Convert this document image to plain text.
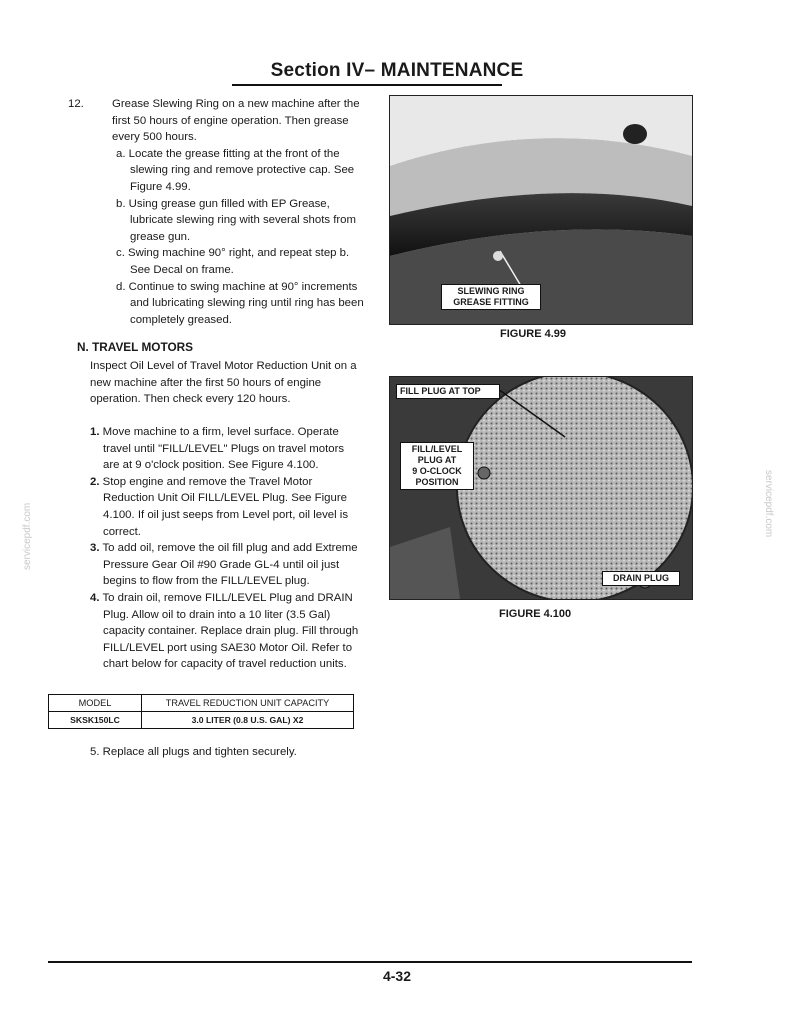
Section IV– MAINTENANCE
12. Grease Slewing Ring on a new machine after the first 50 hours of engine operation. Then grease every 500 hours.
a. Locate the grease fitting at the front of the slewing ring and remove protective cap. See Figure 4.99.
b. Using grease gun filled with EP Grease, lubricate slewing ring with several shots from grease gun.
c. Swing machine 90° right, and repeat step b. See Decal on frame.
d. Continue to swing machine at 90° increments and lubricating slewing ring until ring has been completely greased.
N. TRAVEL MOTORS
Inspect Oil Level of Travel Motor Reduction Unit on a new machine after the first 50 hours of engine operation. Then check every 120 hours.

1. Move machine to a firm, level surface. Operate travel until "FILL/LEVEL" Plugs on travel motors are at 9 o'clock position. See Figure 4.100.

2. Stop engine and remove the Travel Motor Reduction Unit Oil FILL/LEVEL Plug. See Figure 4.100. If oil just seeps from Level port, oil level is correct.

3. To add oil, remove the oil fill plug and add Extreme Pressure Gear Oil #90 Grade GL-4 until oil just begins to flow from the FILL/LEVEL plug.

4. To drain oil, remove FILL/LEVEL Plug and DRAIN Plug. Allow oil to drain into a 10 liter (3.5 Gal) capacity container. Replace drain plug. Fill through FILL/LEVEL port using SAE30 Motor Oil. Refer to chart below for capacity of travel reduction units.

MODEL	TRAVEL REDUCTION UNIT CAPACITY
SKSK150LC	3.0 LITER (0.8 U.S. GAL) X2
5. Replace all plugs and tighten securely.
SLEWING RING
GREASE FITTING
FIGURE 4.99
FILL PLUG AT TOP
FILL/LEVEL
PLUG AT
9 O-CLOCK
POSITION
DRAIN PLUG
FIGURE 4.100
servicepdf.com	servicepdf.com
4-32
